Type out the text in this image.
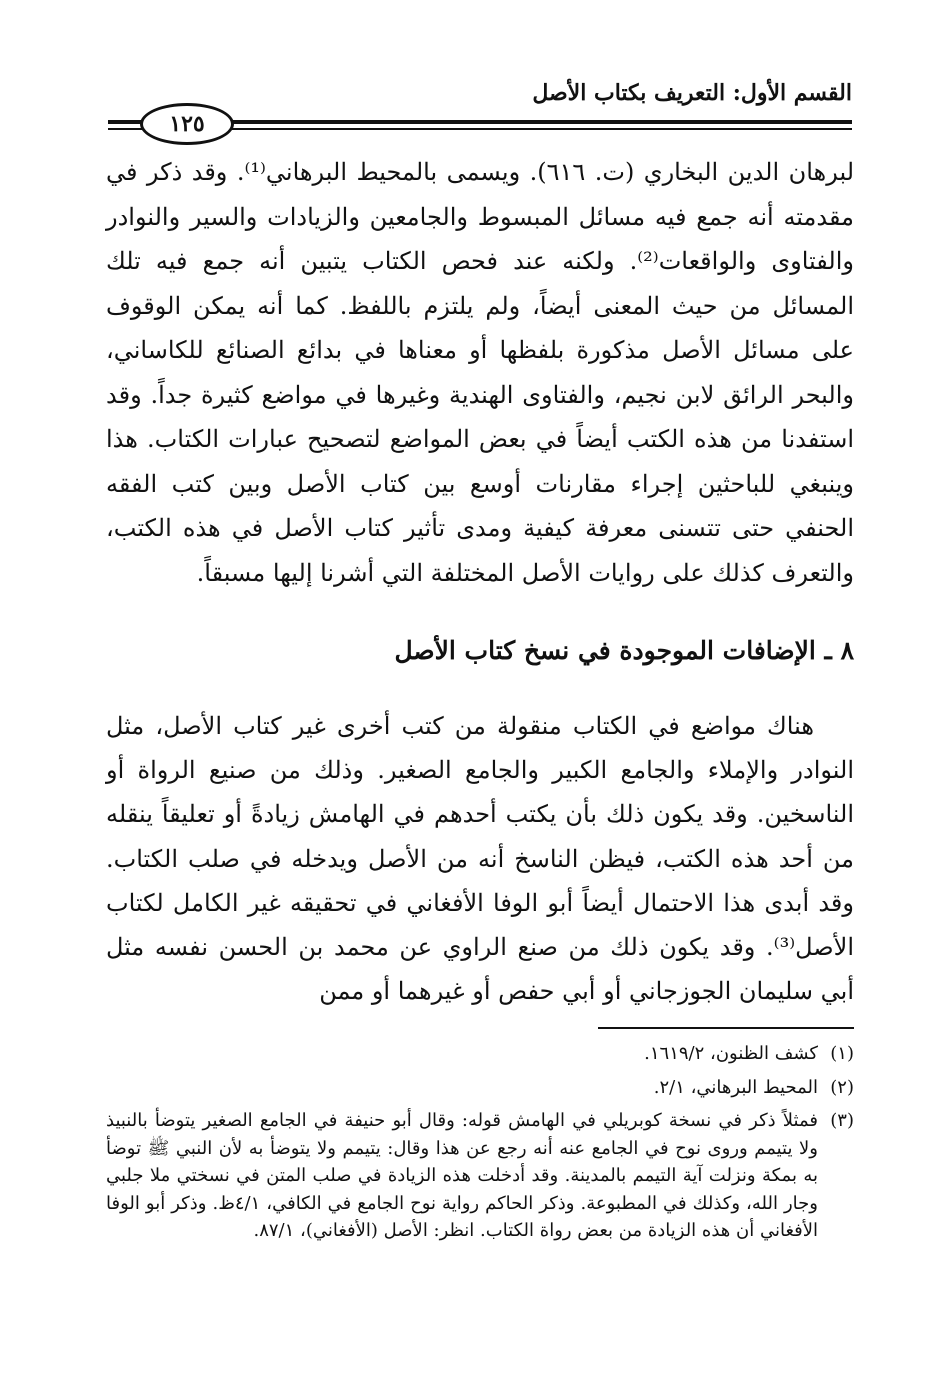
القسم الأول: التعريف بكتاب الأصل
١٢٥

لبرهان الدين البخاري (ت. ٦١٦). ويسمى بالمحيط البرهاني⁽¹⁾. وقد ذكر في مقدمته أنه جمع فيه مسائل المبسوط والجامعين والزيادات والسير والنوادر والفتاوى والواقعات⁽²⁾. ولكنه عند فحص الكتاب يتبين أنه جمع فيه تلك المسائل من حيث المعنى أيضاً، ولم يلتزم باللفظ. كما أنه يمكن الوقوف على مسائل الأصل مذكورة بلفظها أو معناها في بدائع الصنائع للكاساني، والبحر الرائق لابن نجيم، والفتاوى الهندية وغيرها في مواضع كثيرة جداً. وقد استفدنا من هذه الكتب أيضاً في بعض المواضع لتصحيح عبارات الكتاب. هذا وينبغي للباحثين إجراء مقارنات أوسع بين كتاب الأصل وبين كتب الفقه الحنفي حتى تتسنى معرفة كيفية ومدى تأثير كتاب الأصل في هذه الكتب، والتعرف كذلك على روايات الأصل المختلفة التي أشرنا إليها مسبقاً.

٨ ـ الإضافات الموجودة في نسخ كتاب الأصل

هناك مواضع في الكتاب منقولة من كتب أخرى غير كتاب الأصل، مثل النوادر والإملاء والجامع الكبير والجامع الصغير. وذلك من صنيع الرواة أو الناسخين. وقد يكون ذلك بأن يكتب أحدهم في الهامش زيادةً أو تعليقاً ينقله من أحد هذه الكتب، فيظن الناسخ أنه من الأصل ويدخله في صلب الكتاب. وقد أبدى هذا الاحتمال أيضاً أبو الوفا الأفغاني في تحقيقه غير الكامل لكتاب الأصل⁽³⁾. وقد يكون ذلك من صنع الراوي عن محمد بن الحسن نفسه مثل أبي سليمان الجوزجاني أو أبي حفص أو غيرهما أو ممن

(١)
كشف الظنون، ١٦١٩/٢.
(٢)
المحيط البرهاني، ٢/١.
(٣)
فمثلاً ذكر في نسخة كوبريلي في الهامش قوله: وقال أبو حنيفة في الجامع الصغير يتوضأ بالنبيذ ولا يتيمم وروى نوح في الجامع عنه أنه رجع عن هذا وقال: يتيمم ولا يتوضأ به لأن النبي ﷺ توضأ به بمكة ونزلت آية التيمم بالمدينة. وقد أدخلت هذه الزيادة في صلب المتن في نسختي ملا جلبي وجار الله، وكذلك في المطبوعة. وذكر الحاكم رواية نوح الجامع في الكافي، ٤/١ظ. وذكر أبو الوفا الأفغاني أن هذه الزيادة من بعض رواة الكتاب. انظر: الأصل (الأفغاني)، ٨٧/١.
